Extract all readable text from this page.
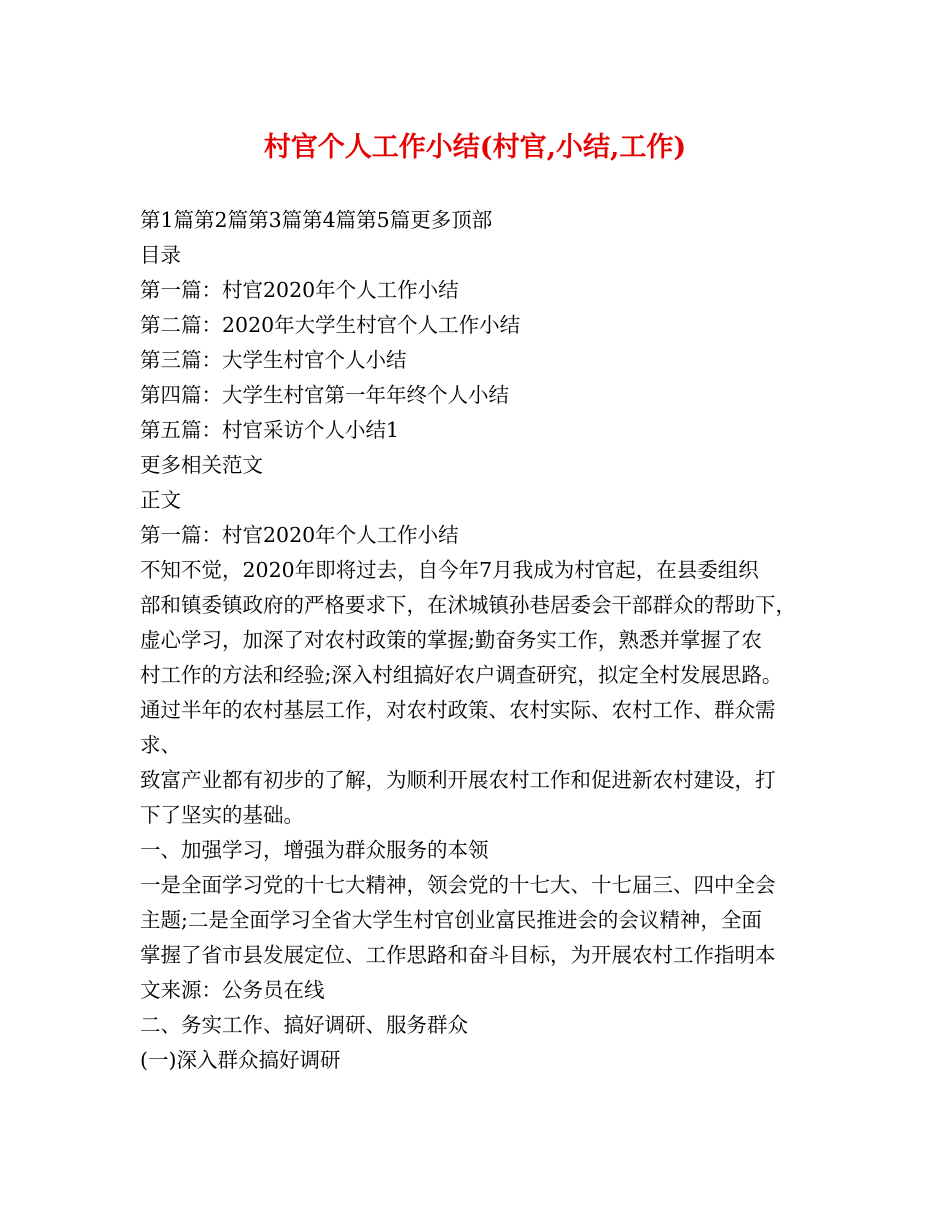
村官个人工作小结(村官,小结,工作)
第1篇第2篇第3篇第4篇第5篇更多顶部
目录
第一篇：村官2020年个人工作小结
第二篇：2020年大学生村官个人工作小结
第三篇：大学生村官个人小结
第四篇：大学生村官第一年年终个人小结
第五篇：村官采访个人小结1
更多相关范文
正文
第一篇：村官2020年个人工作小结
不知不觉，2020年即将过去，自今年7月我成为村官起，在县委组织
部和镇委镇政府的严格要求下，在沭城镇孙巷居委会干部群众的帮助下，
虚心学习，加深了对农村政策的掌握;勤奋务实工作，熟悉并掌握了农
村工作的方法和经验;深入村组搞好农户调查研究，拟定全村发展思路。
通过半年的农村基层工作，对农村政策、农村实际、农村工作、群众需
求、
致富产业都有初步的了解，为顺利开展农村工作和促进新农村建设，打
下了坚实的基础。
一、加强学习，增强为群众服务的本领
一是全面学习党的十七大精神，领会党的十七大、十七届三、四中全会
主题;二是全面学习全省大学生村官创业富民推进会的会议精神，全面
掌握了省市县发展定位、工作思路和奋斗目标，为开展农村工作指明本
文来源：公务员在线
二、务实工作、搞好调研、服务群众
(一)深入群众搞好调研
